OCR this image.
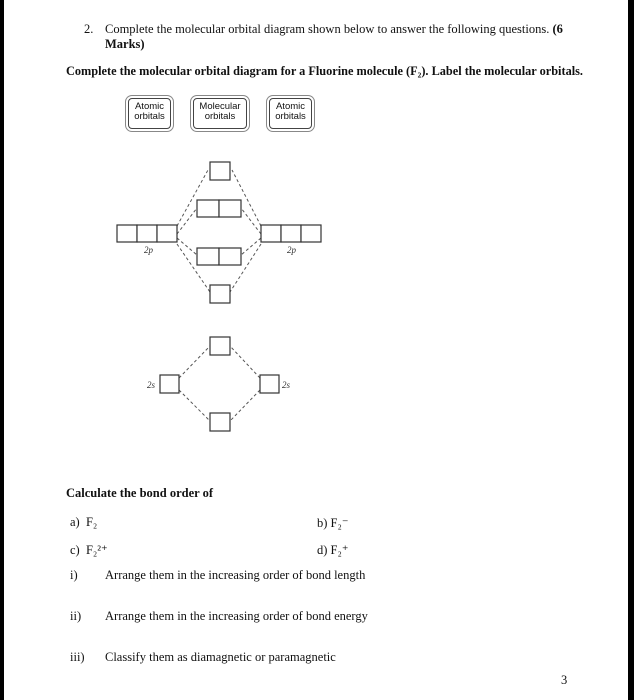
2. Complete the molecular orbital diagram shown below to answer the following questions. (6
Marks)
Complete the molecular orbital diagram for a Fluorine molecule (F₂). Label the molecular orbitals.
Atomic
orbitals
Molecular
orbitals
Atomic
orbitals
2p	2p
2s	2s
Calculate the bond order of
a) F₂	b) F₂⁻
c) F₂²⁺	d) F₂⁺
i) Arrange them in the increasing order of bond length
ii) Arrange them in the increasing order of bond energy
iii) Classify them as diamagnetic or paramagnetic
3
